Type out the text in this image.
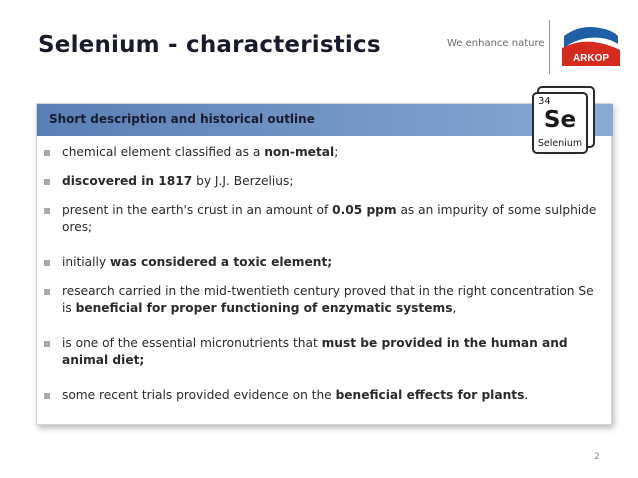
Selenium - characteristics	We enhance nature
ARKOP
Short description and historical outline
chemical element classified as a non-metal;
discovered in 1817 by J.J. Berzelius;
present in the earth's crust in an amount of 0.05 ppm as an impurity of some sulphide ores;
initially was considered a toxic element;
research carried in the mid-twentieth century proved that in the right concentration Se is beneficial for proper functioning of enzymatic systems,
is one of the essential micronutrients that must be provided in the human and animal diet;
some recent trials provided evidence on the beneficial effects for plants.
34
Se
Selenium
2
